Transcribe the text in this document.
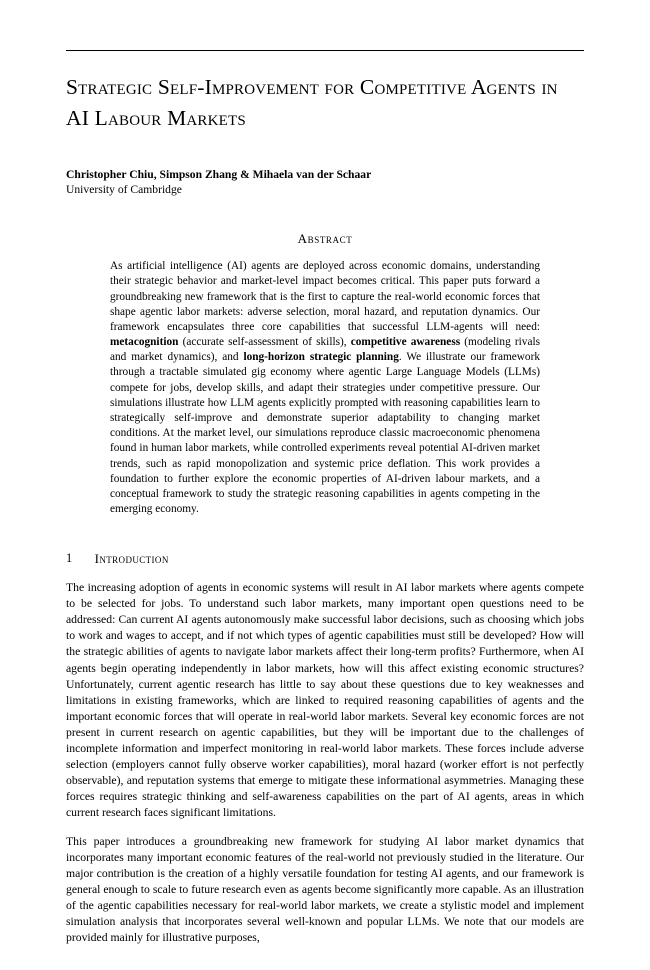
Strategic Self-Improvement for Competitive Agents in AI Labour Markets
Christopher Chiu, Simpson Zhang & Mihaela van der Schaar
University of Cambridge
Abstract
As artificial intelligence (AI) agents are deployed across economic domains, understanding their strategic behavior and market-level impact becomes critical. This paper puts forward a groundbreaking new framework that is the first to capture the real-world economic forces that shape agentic labor markets: adverse selection, moral hazard, and reputation dynamics. Our framework encapsulates three core capabilities that successful LLM-agents will need: metacognition (accurate self-assessment of skills), competitive awareness (modeling rivals and market dynamics), and long-horizon strategic planning. We illustrate our framework through a tractable simulated gig economy where agentic Large Language Models (LLMs) compete for jobs, develop skills, and adapt their strategies under competitive pressure. Our simulations illustrate how LLM agents explicitly prompted with reasoning capabilities learn to strategically self-improve and demonstrate superior adaptability to changing market conditions. At the market level, our simulations reproduce classic macroeconomic phenomena found in human labor markets, while controlled experiments reveal potential AI-driven market trends, such as rapid monopolization and systemic price deflation. This work provides a foundation to further explore the economic properties of AI-driven labour markets, and a conceptual framework to study the strategic reasoning capabilities in agents competing in the emerging economy.
1 Introduction

The increasing adoption of agents in economic systems will result in AI labor markets where agents compete to be selected for jobs. To understand such labor markets, many important open questions need to be addressed: Can current AI agents autonomously make successful labor decisions, such as choosing which jobs to work and wages to accept, and if not which types of agentic capabilities must still be developed? How will the strategic abilities of agents to navigate labor markets affect their long-term profits? Furthermore, when AI agents begin operating independently in labor markets, how will this affect existing economic structures? Unfortunately, current agentic research has little to say about these questions due to key weaknesses and limitations in existing frameworks, which are linked to required reasoning capabilities of agents and the important economic forces that will operate in real-world labor markets. Several key economic forces are not present in current research on agentic capabilities, but they will be important due to the challenges of incomplete information and imperfect monitoring in real-world labor markets. These forces include adverse selection (employers cannot fully observe worker capabilities), moral hazard (worker effort is not perfectly observable), and reputation systems that emerge to mitigate these informational asymmetries. Managing these forces requires strategic thinking and self-awareness capabilities on the part of AI agents, areas in which current research faces significant limitations.

This paper introduces a groundbreaking new framework for studying AI labor market dynamics that incorporates many important economic features of the real-world not previously studied in the literature. Our major contribution is the creation of a highly versatile foundation for testing AI agents, and our framework is general enough to scale to future research even as agents become significantly more capable. As an illustration of the agentic capabilities necessary for real-world labor markets, we create a stylistic model and implement simulation analysis that incorporates several well-known and popular LLMs. We note that our models are provided mainly for illustrative purposes,
